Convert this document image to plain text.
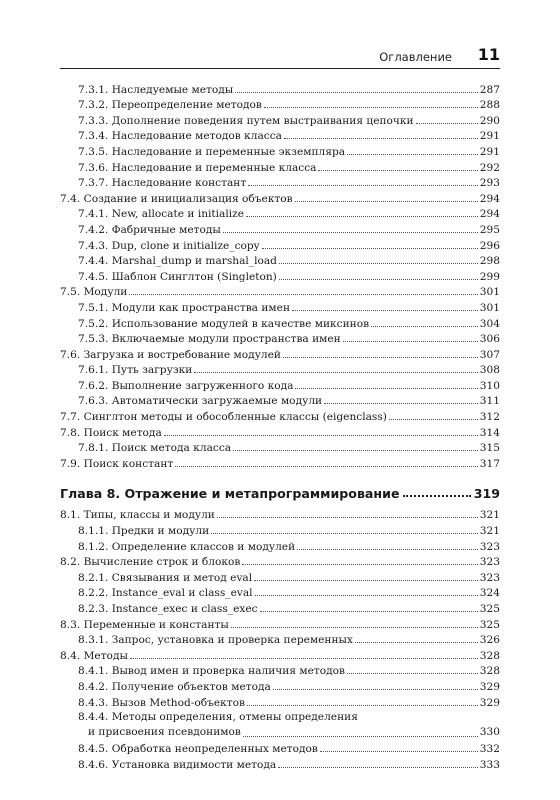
Оглавление 11
7.3.1. Наследуемые методы	287
7.3.2. Переопределение методов	288
7.3.3. Дополнение поведения путем выстраивания цепочки	290
7.3.4. Наследование методов класса	291
7.3.5. Наследование и переменные экземпляра	291
7.3.6. Наследование и переменные класса	292
7.3.7. Наследование констант	293
7.4. Создание и инициализация объектов	294
7.4.1. New, allocate и initialize	294
7.4.2. Фабричные методы	295
7.4.3. Dup, clone и initialize_copy	296
7.4.4. Marshal_dump и marshal_load	298
7.4.5. Шаблон Синглтон (Singleton)	299
7.5. Модули	301
7.5.1. Модули как пространства имен	301
7.5.2. Использование модулей в качестве миксинов	304
7.5.3. Включаемые модули пространства имен	306
7.6. Загрузка и востребование модулей	307
7.6.1. Путь загрузки	308
7.6.2. Выполнение загруженного кода	310
7.6.3. Автоматически загружаемые модули	311
7.7. Синглтон методы и обособленные классы (eigenclass)	312
7.8. Поиск метода	314
7.8.1. Поиск метода класса	315
7.9. Поиск констант	317
Глава 8. Отражение и метапрограммирование	319
8.1. Типы, классы и модули	321
8.1.1. Предки и модули	321
8.1.2. Определение классов и модулей	323
8.2. Вычисление строк и блоков	323
8.2.1. Связывания и метод eval	323
8.2.2. Instance_eval и class_eval	324
8.2.3. Instance_exec и class_exec	325
8.3. Переменные и константы	325
8.3.1. Запрос, установка и проверка переменных	326
8.4. Методы	328
8.4.1. Вывод имен и проверка наличия методов	328
8.4.2. Получение объектов метода	329
8.4.3. Вызов Method-объектов	329
8.4.4. Методы определения, отмены определения
и присвоения псевдонимов	330
8.4.5. Обработка неопределенных методов	332
8.4.6. Установка видимости метода	333
